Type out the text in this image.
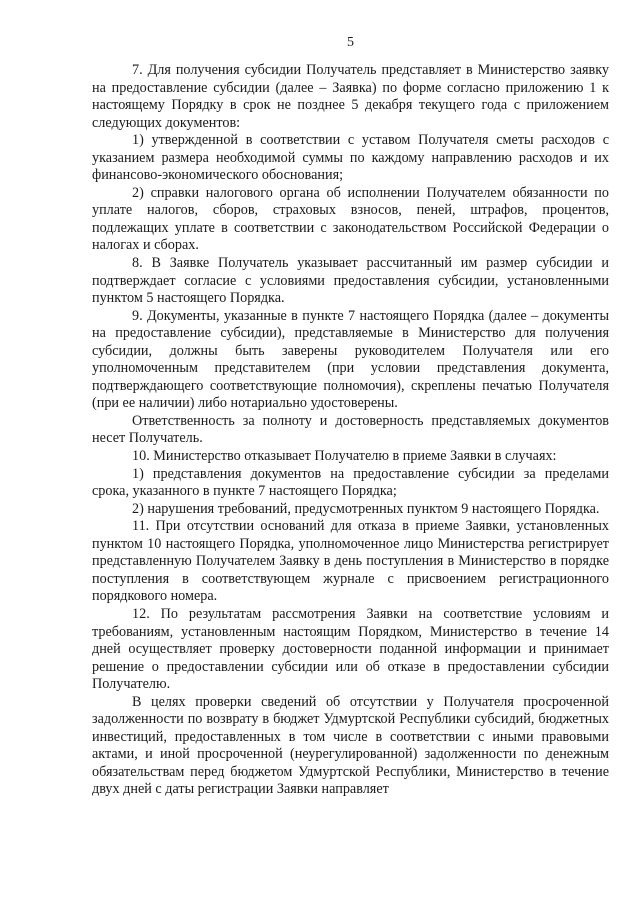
5

7. Для получения субсидии Получатель представляет в Министерство заявку на предоставление субсидии (далее – Заявка) по форме согласно приложению 1 к настоящему Порядку в срок не позднее 5 декабря текущего года с приложением следующих документов:

1) утвержденной в соответствии с уставом Получателя сметы расходов с указанием размера необходимой суммы по каждому направлению расходов и их финансово-экономического обоснования;

2) справки налогового органа об исполнении Получателем обязанности по уплате налогов, сборов, страховых взносов, пеней, штрафов, процентов, подлежащих уплате в соответствии с законодательством Российской Федерации о налогах и сборах.

8. В Заявке Получатель указывает рассчитанный им размер субсидии и подтверждает согласие с условиями предоставления субсидии, установленными пунктом 5 настоящего Порядка.

9. Документы, указанные в пункте 7 настоящего Порядка (далее – документы на предоставление субсидии), представляемые в Министерство для получения субсидии, должны быть заверены руководителем Получателя или его уполномоченным представителем (при условии представления документа, подтверждающего соответствующие полномочия), скреплены печатью Получателя (при ее наличии) либо нотариально удостоверены.

Ответственность за полноту и достоверность представляемых документов несет Получатель.

10. Министерство отказывает Получателю в приеме Заявки в случаях:

1) представления документов на предоставление субсидии за пределами срока, указанного в пункте 7 настоящего Порядка;

2) нарушения требований, предусмотренных пунктом 9 настоящего Порядка.

11. При отсутствии оснований для отказа в приеме Заявки, установленных пунктом 10 настоящего Порядка, уполномоченное лицо Министерства регистрирует представленную Получателем Заявку в день поступления в Министерство в порядке поступления в соответствующем журнале с присвоением регистрационного порядкового номера.

12. По результатам рассмотрения Заявки на соответствие условиям и требованиям, установленным настоящим Порядком, Министерство в течение 14 дней осуществляет проверку достоверности поданной информации и принимает решение о предоставлении субсидии или об отказе в предоставлении субсидии Получателю.

В целях проверки сведений об отсутствии у Получателя просроченной задолженности по возврату в бюджет Удмуртской Республики субсидий, бюджетных инвестиций, предоставленных в том числе в соответствии с иными правовыми актами, и иной просроченной (неурегулированной) задолженности по денежным обязательствам перед бюджетом Удмуртской Республики, Министерство в течение двух дней с даты регистрации Заявки направляет
